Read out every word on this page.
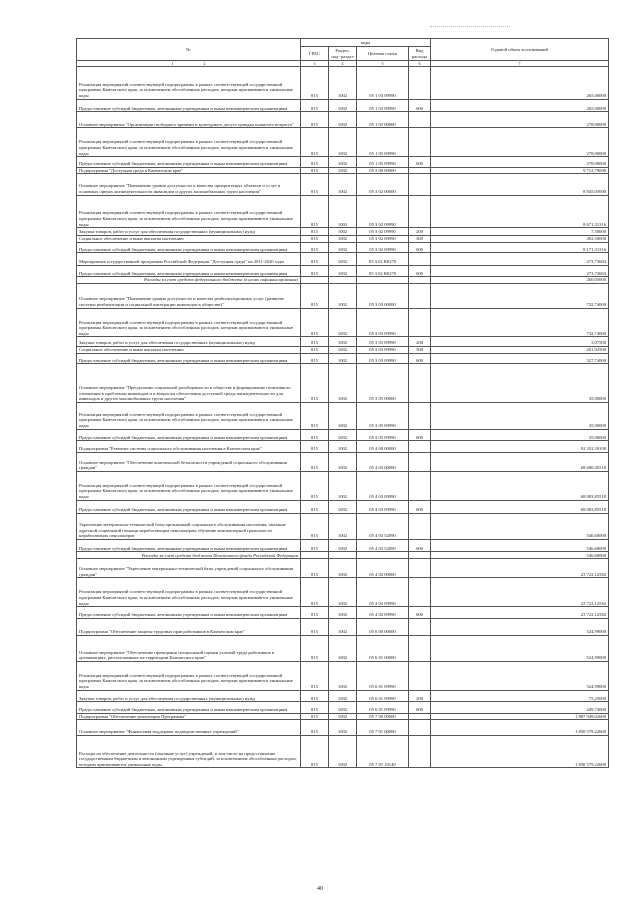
№	коды				Годовой объем ассигнований
	ГРБС	Раздел, под- раздел	Целевая статья	Вид расхода	
1 2	3	4	5	6	7
Реализация мероприятий соответствующей подпрограммы в рамках соответствующей государственной программы Камчатского края, за исключением обособленных расходов, которым присваиваются уникальные коды	815	1002	05 1 03 09990		265,00000
Предоставление субсидий бюджетным, автономным учреждениям и иным некоммерческим организациям	815	1002	05 1 03 09990	600	265,00000
Основное мероприятие "Организация свободного времени и культурного досуга граждан пожилого возраста"	815	1002	05 1 05 00000		278,00000
Реализация мероприятий соответствующей подпрограммы в рамках соответствующей государственной программы Камчатского края, за исключением обособленных расходов, которым присваиваются уникальные коды	815	1002	05 1 05 09990		278,00000
Предоставление субсидий бюджетным, автономным учреждениям и иным некоммерческим организациям	815	1002	05 1 05 09990	600	278,00000
Подпрограмма "Доступная среда в Камчатском крае"	815	1002	05 3 00 00000		9 712,79000
Основное мероприятие "Повышение уровня доступности и качества приоритетных объектов и услуг в основных сферах жизнедеятельности инвалидов и других маломобильных групп населения"	815	1002	05 3 02 00000		8 945,05000
Реализация мероприятий соответствующей подпрограммы в рамках соответствующей государственной программы Камчатского края, за исключением обособленных расходов, которым присваиваются уникальные коды	815	1002	05 3 02 09990		8 671,31316
Закупка товаров, работ и услуг для обеспечения государственных (муниципальных) нужд	815	1002	05 3 02 09990	200	7,50000
Социальное обеспечение и иные выплаты населению	815	1002	05 3 02 09990	300	492,50000
Предоставление субсидий бюджетным, автономным учреждениям и иным некоммерческим организациям	815	1002	05 3 02 09990	600	8 171,31316
Мероприятия государственной программы Российской Федерации "Доступная среда" на 2011-2020 годы	815	1002	05 3 02 R0270		273,73684
Предоставление субсидий бюджетным, автономным учреждениям и иным некоммерческим организациям	815	1002	05 3 02 R0270	600	273,73684
Расходы за счет средств федерального бюджета (в целях софинансирования)					260,05000
Основное мероприятие "Повышение уровня доступности и качества реабилитационных услуг (развитие системы реабилитации и социальной интеграции инвалидов в обществе)"	815	1002	05 3 03 00000		732,74000
Реализация мероприятий соответствующей подпрограммы в рамках соответствующей государственной программы Камчатского края, за исключением обособленных расходов, которым присваиваются уникальные коды	815	1002	05 3 03 09990		732,74000
Закупка товаров, работ и услуг для обеспечения государственных (муниципальных) нужд	815	1002	05 3 03 09990	200	3,07500
Социальное обеспечение и иные выплаты населению	815	1002	05 3 03 09990	300	201,92500
Предоставление субсидий бюджетным, автономным учреждениям и иным некоммерческим организациям	815	1002	05 3 03 09990	600	527,74000
Основное мероприятие "Преодоление социальной разобщенности в обществе и формирование позитивного отношения к проблемам инвалидов и к вопросам обеспечения доступной среды жизнедеятельности для инвалидов и других маломобильных групп населения"	815	1002	05 3 05 00000		35,00000
Реализация мероприятий соответствующей подпрограммы в рамках соответствующей государственной программы Камчатского края, за исключением обособленных расходов, которым присваиваются уникальные коды	815	1002	05 3 05 09990		35,00000
Предоставление субсидий бюджетным, автономным учреждениям и иным некоммерческим организациям	815	1002	05 3 05 09990	600	35,00000
Подпрограмма "Развитие системы социального обслуживания населения в Камчатском крае"	815	1002	05 4 00 00000		92 352,39100
Основное мероприятие "Обеспечение комплексной безопасности учреждений социального обслуживания граждан"	815	1002	05 4 03 00000		68 680,45518
Реализация мероприятий соответствующей подпрограммы в рамках соответствующей государственной программы Камчатского края, за исключением обособленных расходов, которым присваиваются уникальные коды	815	1002	05 4 03 09990		68 083,85518
Предоставление субсидий бюджетным, автономным учреждениям и иным некоммерческим организациям	815	1002	05 4 03 09990	600	68 083,85518
Укрепление материально-технической базы организаций социального обслуживания населения, оказание адресной социальной помощи неработающим пенсионерам, обучение компьютерной грамотности неработающих пенсионеров	815	1002	05 4 03 52090		546,60000
Предоставление субсидий бюджетным, автономным учреждениям и иным некоммерческим организациям	815	1002	05 4 03 52090	600	546,60000
Расходы за счет средств бюджета Пенсионного фонда Российской Федерации					546,60000
Основное мероприятие "Укрепление материально-технической базы учреждений социального обслуживания граждан"	815	1002	05 4 04 00000		23 722,12582
Реализация мероприятий соответствующей подпрограммы в рамках соответствующей государственной программы Камчатского края, за исключением обособленных расходов, которым присваиваются уникальные коды	815	1002	05 4 04 09990		23 722,12582
Предоставление субсидий бюджетным, автономным учреждениям и иным некоммерческим организациям	815	1002	05 4 04 09990	600	23 722,12582
Подпрограмма "Обеспечение защиты трудовых прав работников в Камчатском крае"	815	1002	05 6 00 00000		524,99000
Основное мероприятие "Обеспечение проведения специальной оценки условий труда работников в организациях, расположенных на территории Камчатского края"	815	1002	05 6 01 00000		524,99000
Реализация мероприятий соответствующей подпрограммы в рамках соответствующей государственной программы Камчатского края, за исключением обособленных расходов, которым присваиваются уникальные коды	815	1002	05 6 01 09990		524,99000
Закупка товаров, работ и услуг для обеспечения государственных (муниципальных) нужд	815	1002	05 6 01 09990	200	75,25000
Предоставление субсидий бюджетным, автономным учреждениям и иным некоммерческим организациям	815	1002	05 6 01 09990	600	449,74000
Подпрограмма "Обеспечение реализации Программы"	815	1002	05 7 00 00000		1 887 949,02600
Основное мероприятие "Финансовая поддержка подведомственных учреждений"	815	1002	05 7 01 00000		1 850 579,22600
Расходы на обеспечение деятельности (оказание услуг) учреждений, в том числе на предоставление государственным бюджетным и автономным учреждениям субсидий, за исключением обособленных расходов, которым присваиваются уникальные коды	815	1002	05 7 01 10140		1 850 579,22600
40
